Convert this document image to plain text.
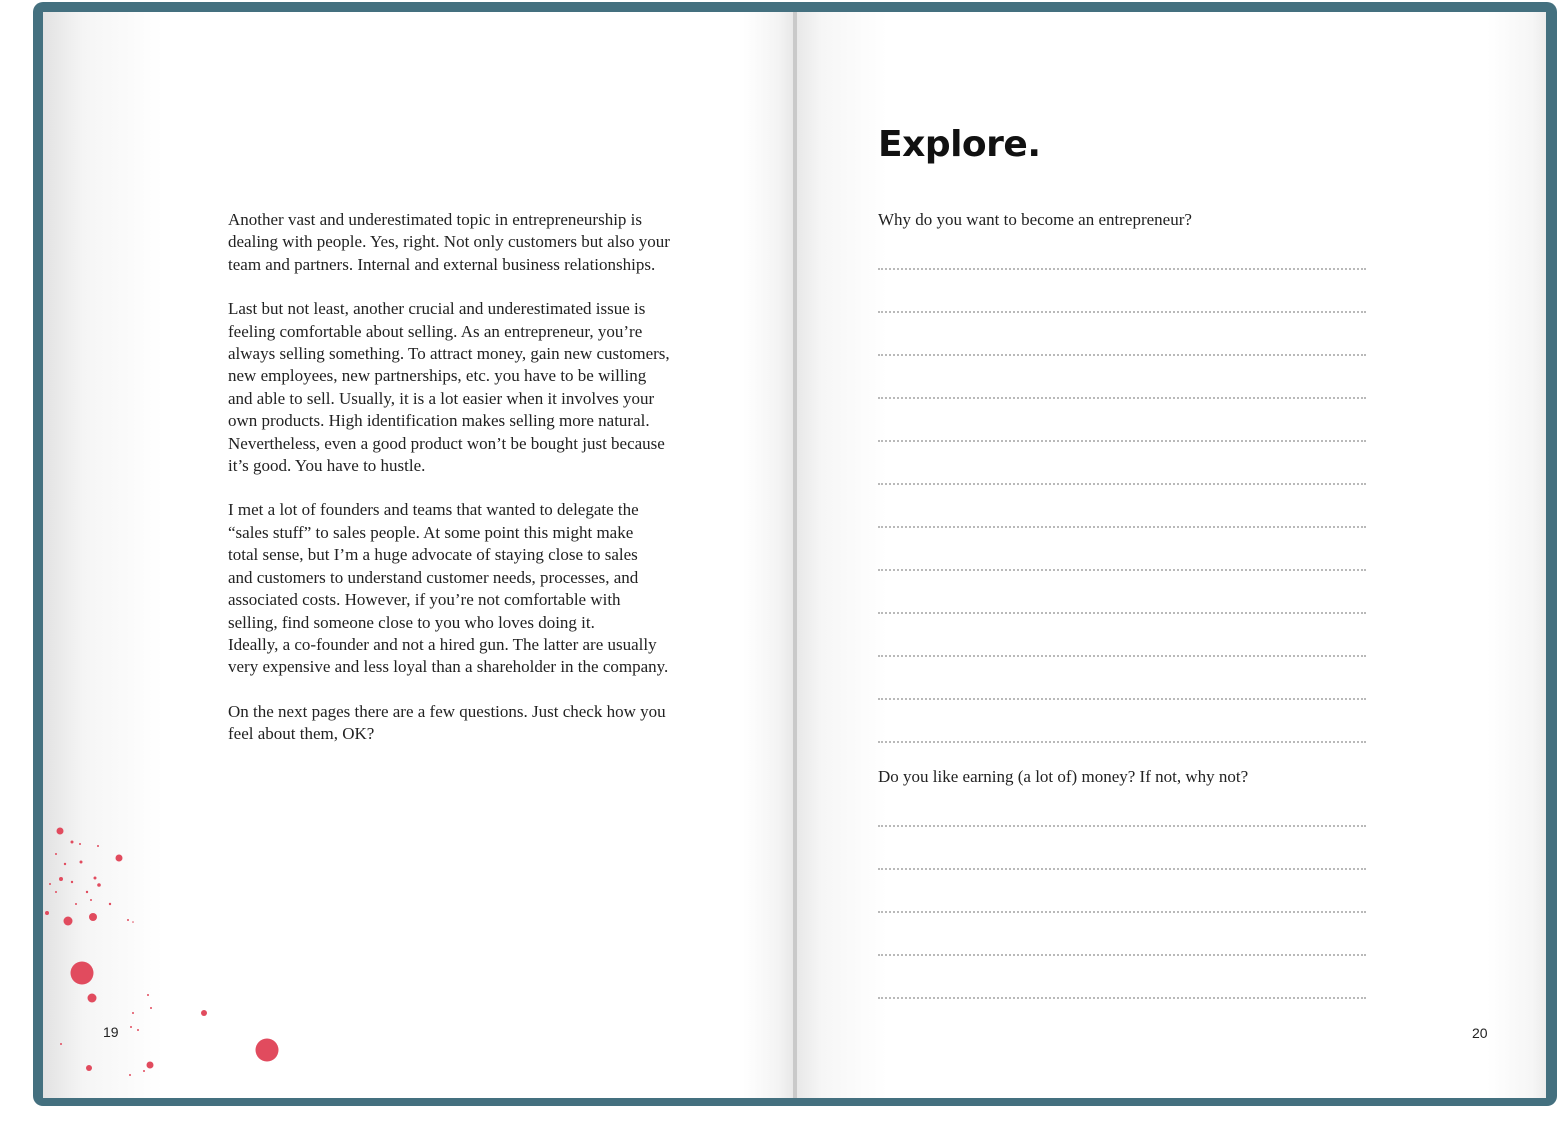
Another vast and underestimated topic in entrepreneurship is
dealing with people. Yes, right. Not only customers but also your
team and partners. Internal and external business relationships.

Last but not least, another crucial and underestimated issue is
feeling comfortable about selling. As an entrepreneur, you’re
always selling something. To attract money, gain new customers,
new employees, new partnerships, etc. you have to be willing
and able to sell. Usually, it is a lot easier when it involves your
own products. High identification makes selling more natural.
Nevertheless, even a good product won’t be bought just because
it’s good. You have to hustle.

I met a lot of founders and teams that wanted to delegate the
“sales stuff” to sales people. At some point this might make
total sense, but I’m a huge advocate of staying close to sales
and customers to understand customer needs, processes, and
associated costs. However, if you’re not comfortable with
selling, find someone close to you who loves doing it.
Ideally, a co-founder and not a hired gun. The latter are usually
very expensive and less loyal than a shareholder in the company.

On the next pages there are a few questions. Just check how you
feel about them, OK?

19
Explore.
Why do you want to become an entrepreneur?
Do you like earning (a lot of) money? If not, why not?
20
